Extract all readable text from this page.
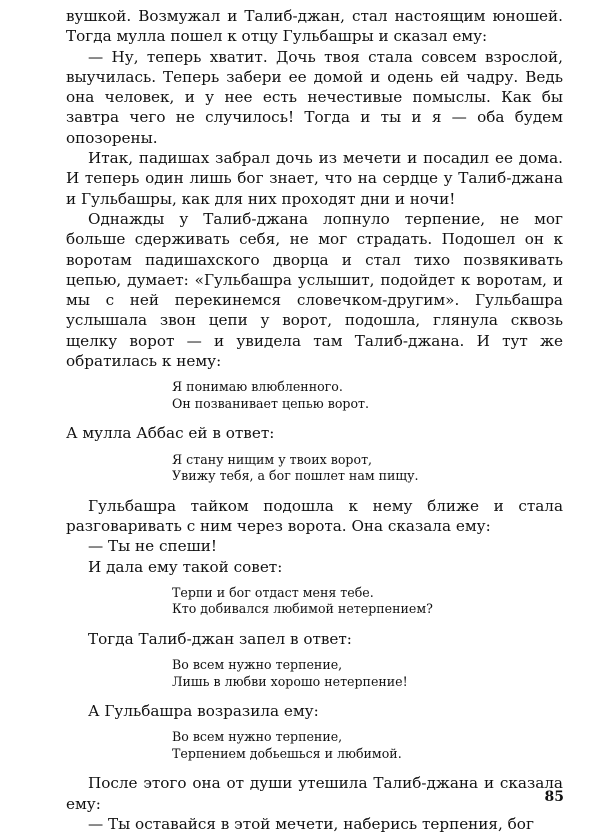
вушкой. Возмужал и Талиб-джан, стал настоящим юношей. Тогда мулла пошел к отцу Гульбашры и сказал ему:

— Ну, теперь хватит. Дочь твоя стала совсем взрослой, выучилась. Теперь забери ее домой и одень ей чадру. Ведь она человек, и у нее есть нечестивые помыслы. Как бы завтра чего не случилось! Тогда и ты и я — оба будем опозорены.

Итак, падишах забрал дочь из мечети и посадил ее дома. И теперь один лишь бог знает, что на сердце у Талиб-джана и Гульбашры, как для них проходят дни и ночи!

Однажды у Талиб-джана лопнуло терпение, не мог больше сдерживать себя, не мог страдать. Подошел он к воротам падишахского дворца и стал тихо позвякивать цепью, думает: «Гульбашра услышит, подойдет к воротам, и мы с ней перекинемся словечком-другим». Гульбашра услышала звон цепи у ворот, подошла, глянула сквозь щелку ворот — и увидела там Талиб-джана. И тут же обратилась к нему:

Я понимаю влюбленного.
Он позванивает цепью ворот.

А мулла Аббас ей в ответ:

Я стану нищим у твоих ворот,
Увижу тебя, а бог пошлет нам пищу.

Гульбашра тайком подошла к нему ближе и стала разговаривать с ним через ворота. Она сказала ему:

— Ты не спеши!

И дала ему такой совет:

Терпи и бог отдаст меня тебе.
Кто добивался любимой нетерпением?

Тогда Талиб-джан запел в ответ:

Во всем нужно терпение,
Лишь в любви хорошо нетерпение!

А Гульбашра возразила ему:

Во всем нужно терпение,
Терпением добьешься и любимой.

После этого она от души утешила Талиб-джана и сказала ему:

— Ты оставайся в этой мечети, наберись терпения, бог

85
